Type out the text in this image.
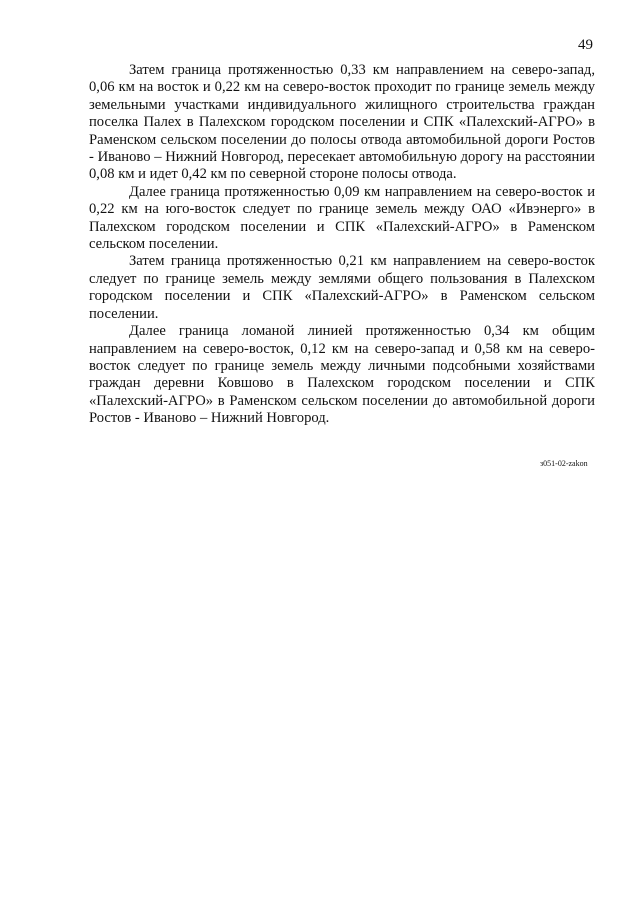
49

Затем граница протяженностью 0,33 км направлением на северо-запад, 0,06 км на восток и 0,22 км на северо-восток проходит по границе земель между земельными участками индивидуального жилищного строительства граждан поселка Палех в Палехском городском поселении и СПК «Палехский-АГРО» в Раменском сельском поселении до полосы отвода автомобильной дороги Ростов - Иваново – Нижний Новгород, пересекает автомобильную дорогу на расстоянии 0,08 км и идет 0,42 км по северной стороне полосы отвода.

Далее граница протяженностью 0,09 км направлением на северо-восток и 0,22 км на юго-восток следует по границе земель между ОАО «Ивэнерго» в Палехском городском поселении и СПК «Палехский-АГРО» в Раменском сельском поселении.

Затем граница протяженностью 0,21 км направлением на северо-восток следует по границе земель между землями общего пользования в Палехском городском поселении и СПК «Палехский-АГРО» в Раменском сельском поселении.

Далее граница ломаной линией протяженностью 0,34 км общим направлением на северо-восток, 0,12 км на северо-запад и 0,58 км на северо-восток следует по границе земель между личными подсобными хозяйствами граждан деревни Ковшово в Палехском городском поселении и СПК «Палехский-АГРО» в Раменском сельском поселении до автомобильной дороги Ростов - Иваново – Нижний Новгород.

з051-02-zakon
